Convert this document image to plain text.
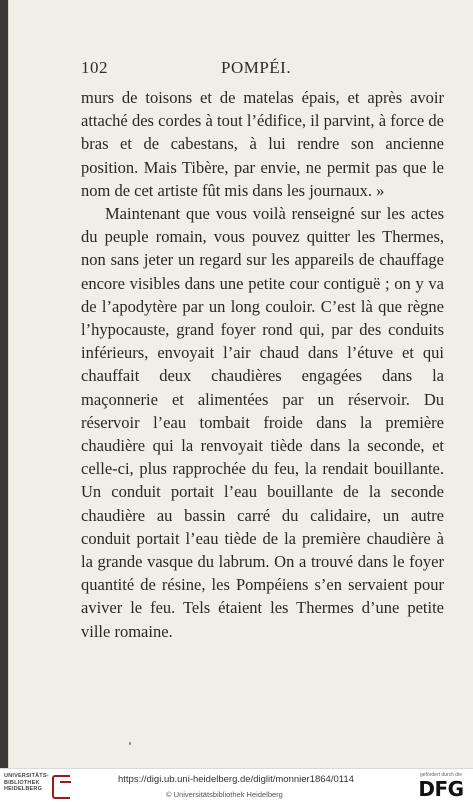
102	POMPÉI.

murs de toisons et de matelas épais, et après avoir attaché des cordes à tout l’édifice, il parvint, à force de bras et de cabestans, à lui rendre son ancienne position. Mais Tibère, par envie, ne permit pas que le nom de cet artiste fût mis dans les journaux. »

Maintenant que vous voilà renseigné sur les actes du peuple romain, vous pouvez quitter les Thermes, non sans jeter un regard sur les appareils de chauffage encore visibles dans une petite cour contiguë ; on y va de l’apodytère par un long couloir. C’est là que règne l’hypocauste, grand foyer rond qui, par des conduits inférieurs, envoyait l’air chaud dans l’étuve et qui chauffait deux chaudières engagées dans la maçonnerie et alimentées par un réservoir. Du réservoir l’eau tombait froide dans la première chaudière qui la renvoyait tiède dans la seconde, et celle-ci, plus rapprochée du feu, la rendait bouillante. Un conduit portait l’eau bouillante de la seconde chaudière au bassin carré du calidaire, un autre conduit portait l’eau tiède de la première chaudière à la grande vasque du labrum. On a trouvé dans le foyer quantité de résine, les Pompéiens s’en servaient pour aviver le feu. Tels étaient les Thermes d’une petite ville romaine.

UNIVERSITÄTS-
BIBLIOTHEK
HEIDELBERG
https://digi.ub.uni-heidelberg.de/diglit/monnier1864/0114
© Universitätsbibliothek Heidelberg
gefördert durch die
DFG
